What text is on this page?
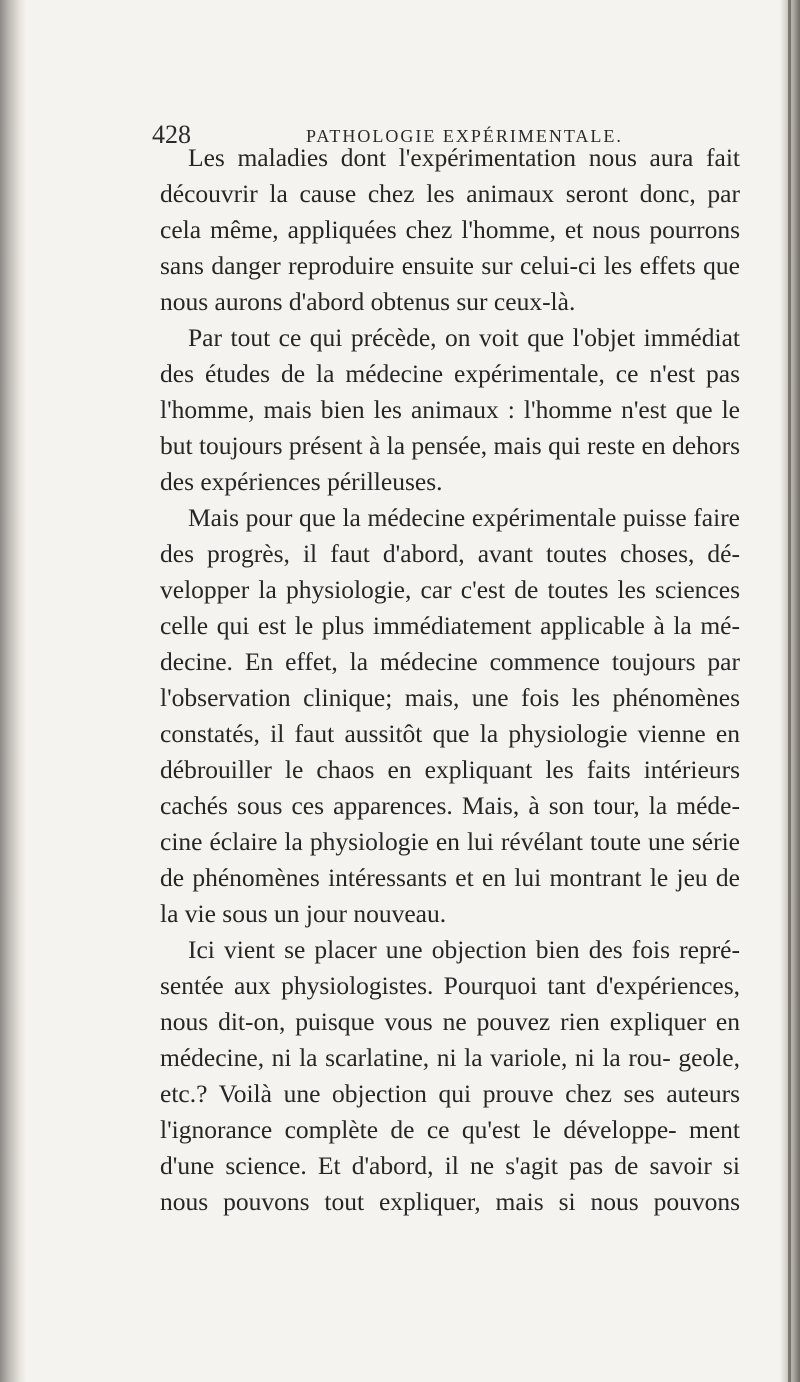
428	PATHOLOGIE EXPÉRIMENTALE.

Les maladies dont l'expérimentation nous aura fait découvrir la cause chez les animaux seront donc, par cela même, appliquées chez l'homme, et nous pourrons sans danger reproduire ensuite sur celui-ci les effets que nous aurons d'abord obtenus sur ceux-là.

Par tout ce qui précède, on voit que l'objet immédiat des études de la médecine expérimentale, ce n'est pas l'homme, mais bien les animaux : l'homme n'est que le but toujours présent à la pensée, mais qui reste en dehors des expériences périlleuses.

Mais pour que la médecine expérimentale puisse faire des progrès, il faut d'abord, avant toutes choses, dé- velopper la physiologie, car c'est de toutes les sciences celle qui est le plus immédiatement applicable à la mé- decine. En effet, la médecine commence toujours par l'observation clinique; mais, une fois les phénomènes constatés, il faut aussitôt que la physiologie vienne en débrouiller le chaos en expliquant les faits intérieurs cachés sous ces apparences. Mais, à son tour, la méde- cine éclaire la physiologie en lui révélant toute une série de phénomènes intéressants et en lui montrant le jeu de la vie sous un jour nouveau.

Ici vient se placer une objection bien des fois repré- sentée aux physiologistes. Pourquoi tant d'expériences, nous dit-on, puisque vous ne pouvez rien expliquer en médecine, ni la scarlatine, ni la variole, ni la rou- geole, etc.? Voilà une objection qui prouve chez ses auteurs l'ignorance complète de ce qu'est le développe- ment d'une science. Et d'abord, il ne s'agit pas de savoir si nous pouvons tout expliquer, mais si nous pouvons
